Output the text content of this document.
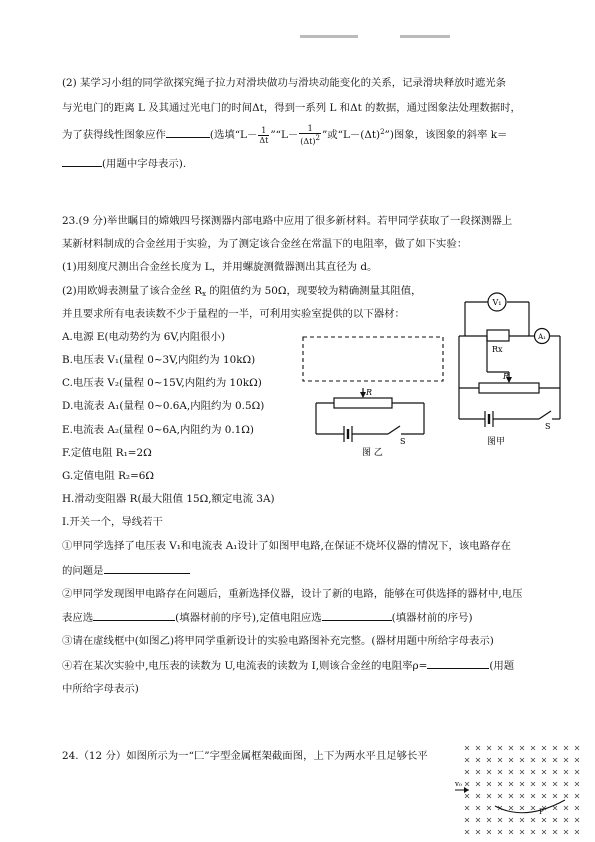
(2) 某学习小组的同学欲探究绳子拉力对滑块做功与滑块动能变化的关系，记录滑块释放时遮光条
与光电门的距离 L 及其通过光电门的时间Δt，得到一系列 L 和Δt 的数据，通过图象法处理数据时，
为了获得线性图象应作	(选填“$L- \frac{1}{\Delta t}$ ”“L－ $\frac{1}{(\Delta t)2}$ ”或“$L-(\Delta t)^2$”)图象，该图象的斜率 k＝
(用题中字母表示).
23.(9 分)举世瞩目的嫦娥四号探测器内部电路中应用了很多新材料。若甲同学获取了一段探测器上
某新材料制成的合金丝用于实验，为了测定该合金丝在常温下的电阻率，做了如下实验：
(1)用刻度尺测出合金丝长度为 L，并用螺旋测微器测出其直径为 d。
(2)用欧姆表测量了该合金丝 $R_x$ 的阻值约为 50Ω，现要较为精确测量其阻值，
并且要求所有电表读数不少于量程的一半，可利用实验室提供的以下器材：
A.电源 E(电动势约为 6V,内阻很小)
B.电压表 V₁(量程 0~3V,内阻约为 10kΩ)
C.电压表 V₂(量程 0~15V,内阻约为 10kΩ)
D.电流表 A₁(量程 0~0.6A,内阻约为 0.5Ω)
E.电流表 A₂(量程 0~6A,内阻约为 0.1Ω)
F.定值电阻 R₁=2Ω
G.定值电阻 R₂=6Ω
H.滑动变阻器 R(最大阻值 15Ω,额定电流 3A)
I.开关一个，导线若干
①甲同学选择了电压表 V₁和电流表 A₁设计了如图甲电路,在保证不烧坏仪器的情况下，该电路存在
的问题是
②甲同学发现图甲电路存在问题后，重新选择仪器，设计了新的电路，能够在可供选择的器材中,电压
表应选	(填器材前的序号),定值电阻应选	(填器材前的序号)
③请在虚线框中(如图乙)将甲同学重新设计的实验电路图补充完整。(器材用题中所给字母表示)
④若在某次实验中,电压表的读数为 U,电流表的读数为 I,则该合金丝的电阻率ρ=	(用题
中所给字母表示)
24.（12 分）如图所示为一“匚”字型金属框架截面图，上下为两水平且足够长平
V₁
A₁
Rx
R
S
图甲
R
S
图 乙
v₀
P
